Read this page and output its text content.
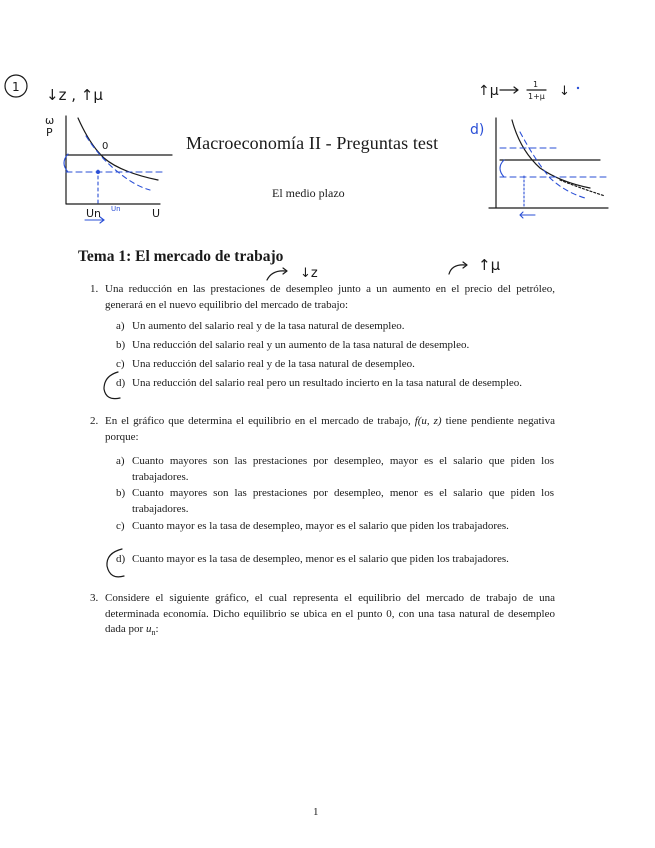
Macroeconomía II - Preguntas test
El medio plazo
Tema 1: El mercado de trabajo
1. Una reducción en las prestaciones de desempleo junto a un aumento en el precio del petróleo, generará en el nuevo equilibrio del mercado de trabajo:
a) Un aumento del salario real y de la tasa natural de desempleo.
b) Una reducción del salario real y un aumento de la tasa natural de desempleo.
c) Una reducción del salario real y de la tasa natural de desempleo.
d) Una reducción del salario real pero un resultado incierto en la tasa natural de desempleo.
2. En el gráfico que determina el equilibrio en el mercado de trabajo, f(u, z) tiene pendiente negativa porque:
a) Cuanto mayores son las prestaciones por desempleo, mayor es el salario que piden los trabajadores.
b) Cuanto mayores son las prestaciones por desempleo, menor es el salario que piden los trabajadores.
c) Cuanto mayor es la tasa de desempleo, mayor es el salario que piden los trabajadores.
d) Cuanto mayor es la tasa de desempleo, menor es el salario que piden los trabajadores.
3. Considere el siguiente gráfico, el cual representa el equilibrio del mercado de trabajo de una determinada economía. Dicho equilibrio se ubica en el punto 0, con una tasa natural de desempleo dada por $u_n$:
1
1 ↓z , ↑μ
ω
P
0
Un Un	U
↑μ	1
1+μ ↓
d)
↓z	↑μ
